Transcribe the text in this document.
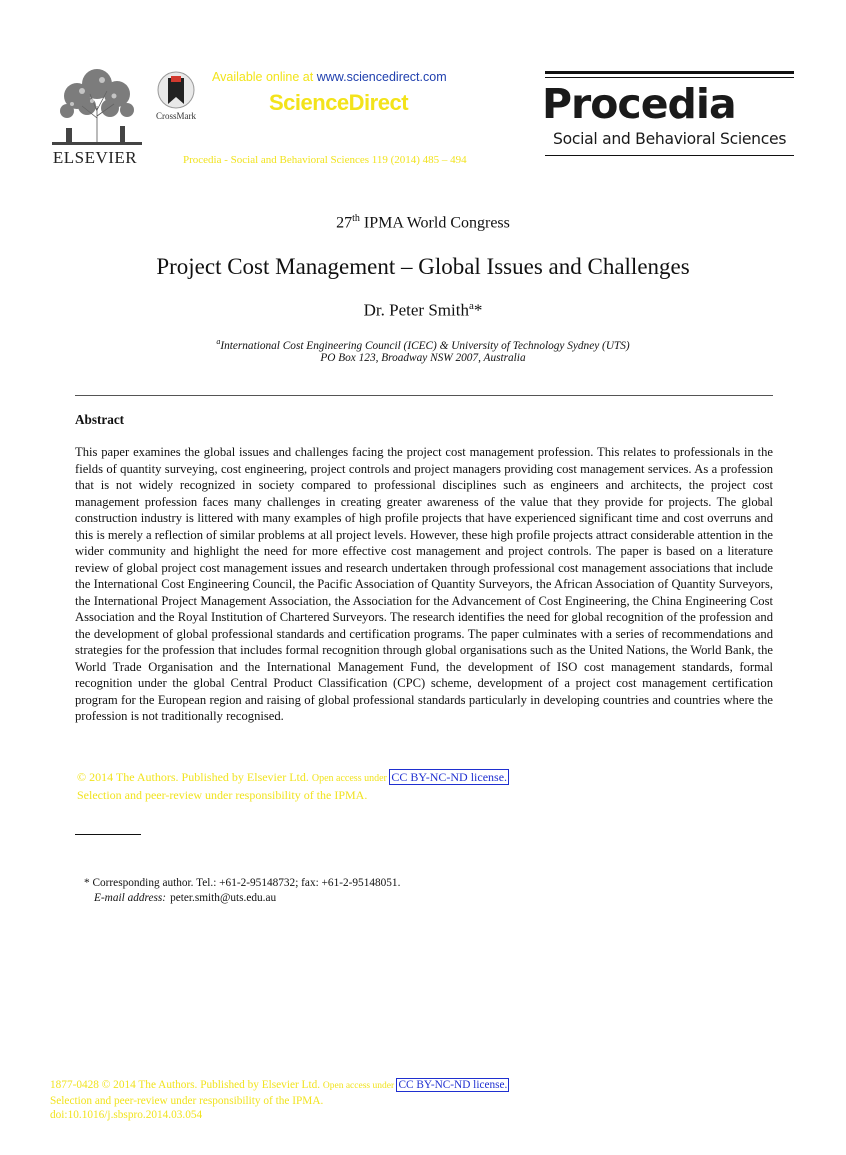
ELSEVIER
CrossMark
Available online at www.sciencedirect.com
ScienceDirect
Procedia - Social and Behavioral Sciences 119 (2014) 485 – 494
Procedia
Social and Behavioral Sciences
27th IPMA World Congress
Project Cost Management – Global Issues and Challenges
Dr. Peter Smith$^a$*
$^a$International Cost Engineering Council (ICEC) & University of Technology Sydney (UTS)
PO Box 123, Broadway NSW 2007, Australia
Abstract
This paper examines the global issues and challenges facing the project cost management profession. This relates to professionals in the fields of quantity surveying, cost engineering, project controls and project managers providing cost management services. As a profession that is not widely recognized in society compared to professional disciplines such as engineers and architects, the project cost management profession faces many challenges in creating greater awareness of the value that they provide for projects. The global construction industry is littered with many examples of high profile projects that have experienced significant time and cost overruns and this is merely a reflection of similar problems at all project levels. However, these high profile projects attract considerable attention in the wider community and highlight the need for more effective cost management and project controls. The paper is based on a literature review of global project cost management issues and research undertaken through professional cost management associations that include the International Cost Engineering Council, the Pacific Association of Quantity Surveyors, the African Association of Quantity Surveyors, the International Project Management Association, the Association for the Advancement of Cost Engineering, the China Engineering Cost Association and the Royal Institution of Chartered Surveyors. The research identifies the need for global recognition of the profession and the development of global professional standards and certification programs. The paper culminates with a series of recommendations and strategies for the profession that includes formal recognition through global organisations such as the United Nations, the World Bank, the World Trade Organisation and the International Management Fund, the development of ISO cost management standards, formal recognition under the global Central Product Classification (CPC) scheme, development of a project cost management certification program for the European region and raising of global professional standards particularly in developing countries and countries where the profession is not traditionally recognised.
© 2014 The Authors. Published by Elsevier Ltd. Open access under CC BY-NC-ND license.
Selection and peer-review under responsibility of the IPMA.
* Corresponding author. Tel.: +61-2-95148732; fax: +61-2-95148051.
E-mail address: peter.smith@uts.edu.au
1877-0428 © 2014 The Authors. Published by Elsevier Ltd. Open access under CC BY-NC-ND license.
Selection and peer-review under responsibility of the IPMA.
doi:10.1016/j.sbspro.2014.03.054
